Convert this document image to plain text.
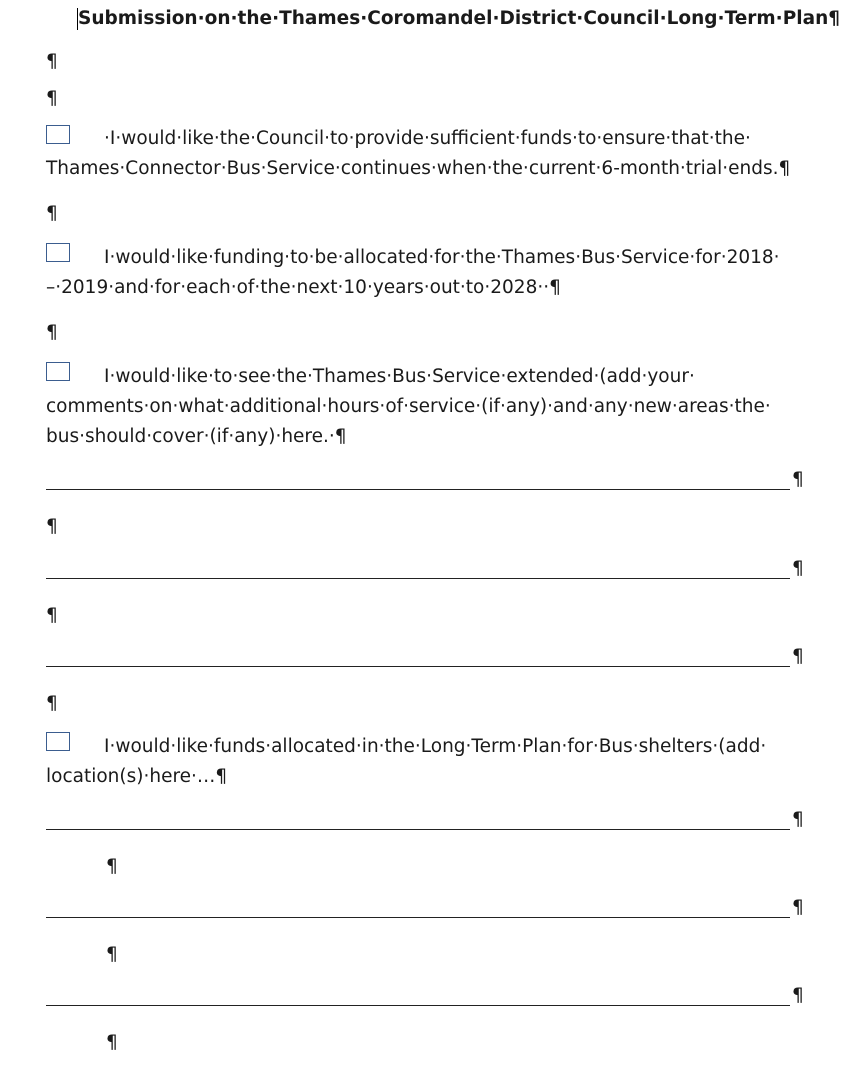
Submission·on·the·Thames·Coromandel·District·Council·Long·Term·Plan¶
¶
¶
·I·would·like·the·Council·to·provide·sufficient·funds·to·ensure·that·the·
Thames·Connector·Bus·Service·continues·when·the·current·6-month·trial·ends.¶
¶
I·would·like·funding·to·be·allocated·for·the·Thames·Bus·Service·for·2018·
–·2019·and·for·each·of·the·next·10·years·out·to·2028··¶
¶
I·would·like·to·see·the·Thames·Bus·Service·extended·(add·your·
comments·on·what·additional·hours·of·service·(if·any)·and·any·new·areas·the·
bus·should·cover·(if·any)·here.·¶
¶
¶
¶
¶
¶
¶
I·would·like·funds·allocated·in·the·Long·Term·Plan·for·Bus·shelters·(add·
location(s)·here·…¶
¶
¶
¶
¶
¶
¶
